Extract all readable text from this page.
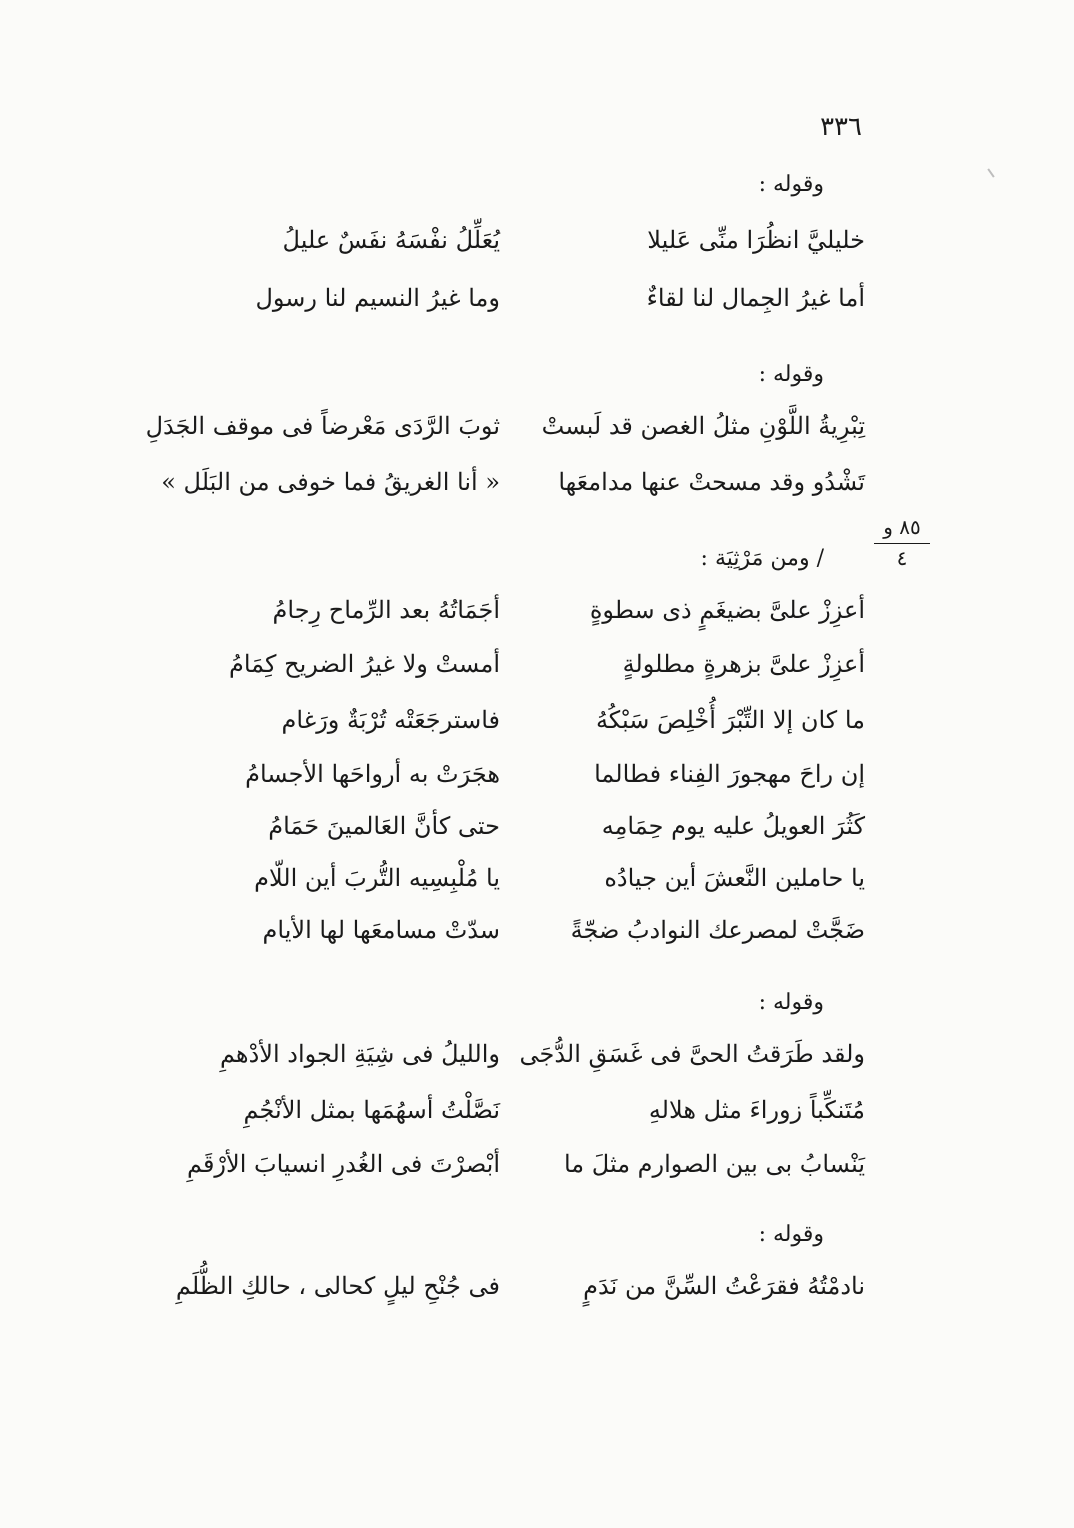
٣٣٦
٨٥ و
٤
وقوله :
خليليَّ انظُرَا منِّى عَليلا
يُعَلِّلُ نفْسَهُ نفَسٌ عليلُ
أما غيرُ الجِمال لنا لقاءٌ
وما غيرُ النسيم لنا رسول
وقوله :
تِبْرِيةُ اللَّوْنِ مثلُ الغصن قد لَبستْ
ثوبَ الرَّدَى مَعْرضاً فى موقف الجَدَلِ
تَشْدُو وقد مسحتْ عنها مدامعَها
« أنا الغريقُ فما خوفى من البَلَل »
/ ومن مَرْثِيَة :
أعزِزْ علىَّ بضيغَمٍ ذى سطوةٍ
أجَمَاتُهُ بعد الرِّماح رِجامُ
أعزِزْ علىَّ بزهرةٍ مطلولةٍ
أمستْ ولا غيرُ الضريح كِمَامُ
ما كان إلا التِّبْرَ أُخْلِصَ سَبْكُهُ
فاسترجَعَتْه تُرْبَةٌ ورَغام
إن راحَ مهجورَ الفِناء فطالما
هجَرَتْ به أرواحَها الأجسامُ
كَثُرَ العويلُ عليه يوم حِمَامِه
حتى كأنَّ العَالمينَ حَمَامُ
يا حاملين النَّعشَ أين جيادُه
يا مُلْبِسِيه التُّربَ أين اللّام
ضَجَّتْ لمصرعك النوادبُ ضجّةً
سدّتْ مسامعَها لها الأيام
وقوله :
ولقد طَرَقتُ الحىَّ فى غَسَقِ الدُّجَى
والليلُ فى شِيَةِ الجواد الأدْهمِ
مُتَنكِّباً زوراءَ مثل هلالهِ
نَصَّلْتُ أسهُمَها بمثل الأنْجُمِ
يَنْسابُ بى بين الصوارم مثلَ ما
أبْصرْتَ فى الغُدرِ انسيابَ الأرْقَمِ
وقوله :
نادمْتُهُ فقرَعْتُ السِّنَّ من نَدَمٍ
فى جُنْحِ ليلٍ كحالى ، حالكِ الظُّلَمِ
